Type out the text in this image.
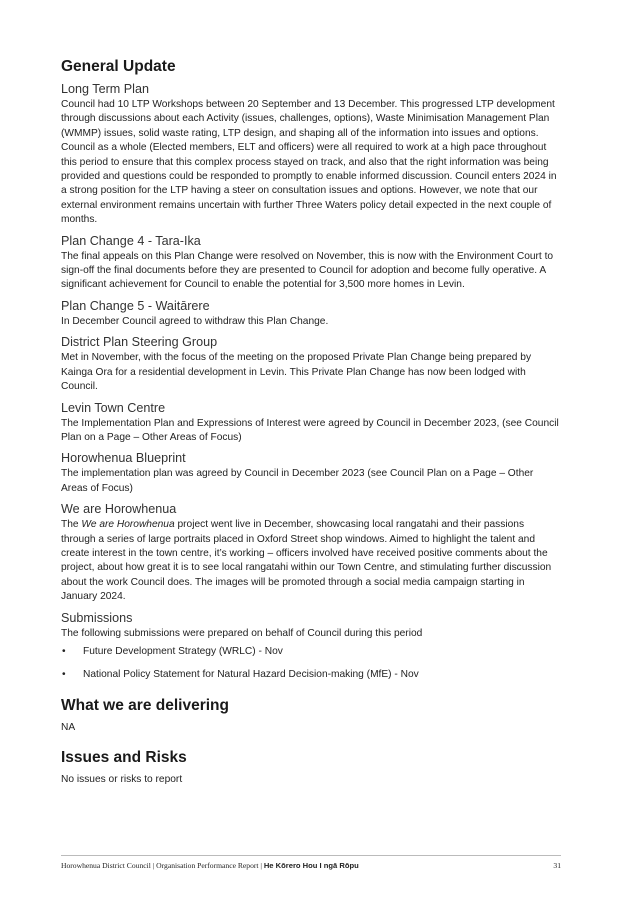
General Update
Long Term Plan

Council had 10 LTP Workshops between 20 September and 13 December. This progressed LTP development through discussions about each Activity (issues, challenges, options), Waste Minimisation Management Plan (WMMP) issues, solid waste rating, LTP design, and shaping all of the information into issues and options. Council as a whole (Elected members, ELT and officers) were all required to work at a high pace throughout this period to ensure that this complex process stayed on track, and also that the right information was being provided and questions could be responded to promptly to enable informed discussion. Council enters 2024 in a strong position for the LTP having a steer on consultation issues and options. However, we note that our external environment remains uncertain with further Three Waters policy detail expected in the next couple of months.

Plan Change 4 - Tara-Ika

The final appeals on this Plan Change were resolved on November, this is now with the Environment Court to sign-off the final documents before they are presented to Council for adoption and become fully operative. A significant achievement for Council to enable the potential for 3,500 more homes in Levin.

Plan Change 5 - Waitārere

In December Council agreed to withdraw this Plan Change.

District Plan Steering Group

Met in November, with the focus of the meeting on the proposed Private Plan Change being prepared by Kainga Ora for a residential development in Levin. This Private Plan Change has now been lodged with Council.

Levin Town Centre

The Implementation Plan and Expressions of Interest were agreed by Council in December 2023, (see Council Plan on a Page – Other Areas of Focus)

Horowhenua Blueprint

The implementation plan was agreed by Council in December 2023 (see Council Plan on a Page – Other Areas of Focus)

We are Horowhenua

The We are Horowhenua project went live in December, showcasing local rangatahi and their passions through a series of large portraits placed in Oxford Street shop windows. Aimed to highlight the talent and create interest in the town centre, it’s working – officers involved have received positive comments about the project, about how great it is to see local rangatahi within our Town Centre, and stimulating further discussion about the work Council does. The images will be promoted through a social media campaign starting in January 2024.

Submissions

The following submissions were prepared on behalf of Council during this period

• Future Development Strategy (WRLC) - Nov
• National Policy Statement for Natural Hazard Decision-making (MfE) - Nov
What we are delivering

NA

Issues and Risks

No issues or risks to report

Horowhenua District Council | Organisation Performance Report | He Kōrero Hou I ngā Rōpu	31
